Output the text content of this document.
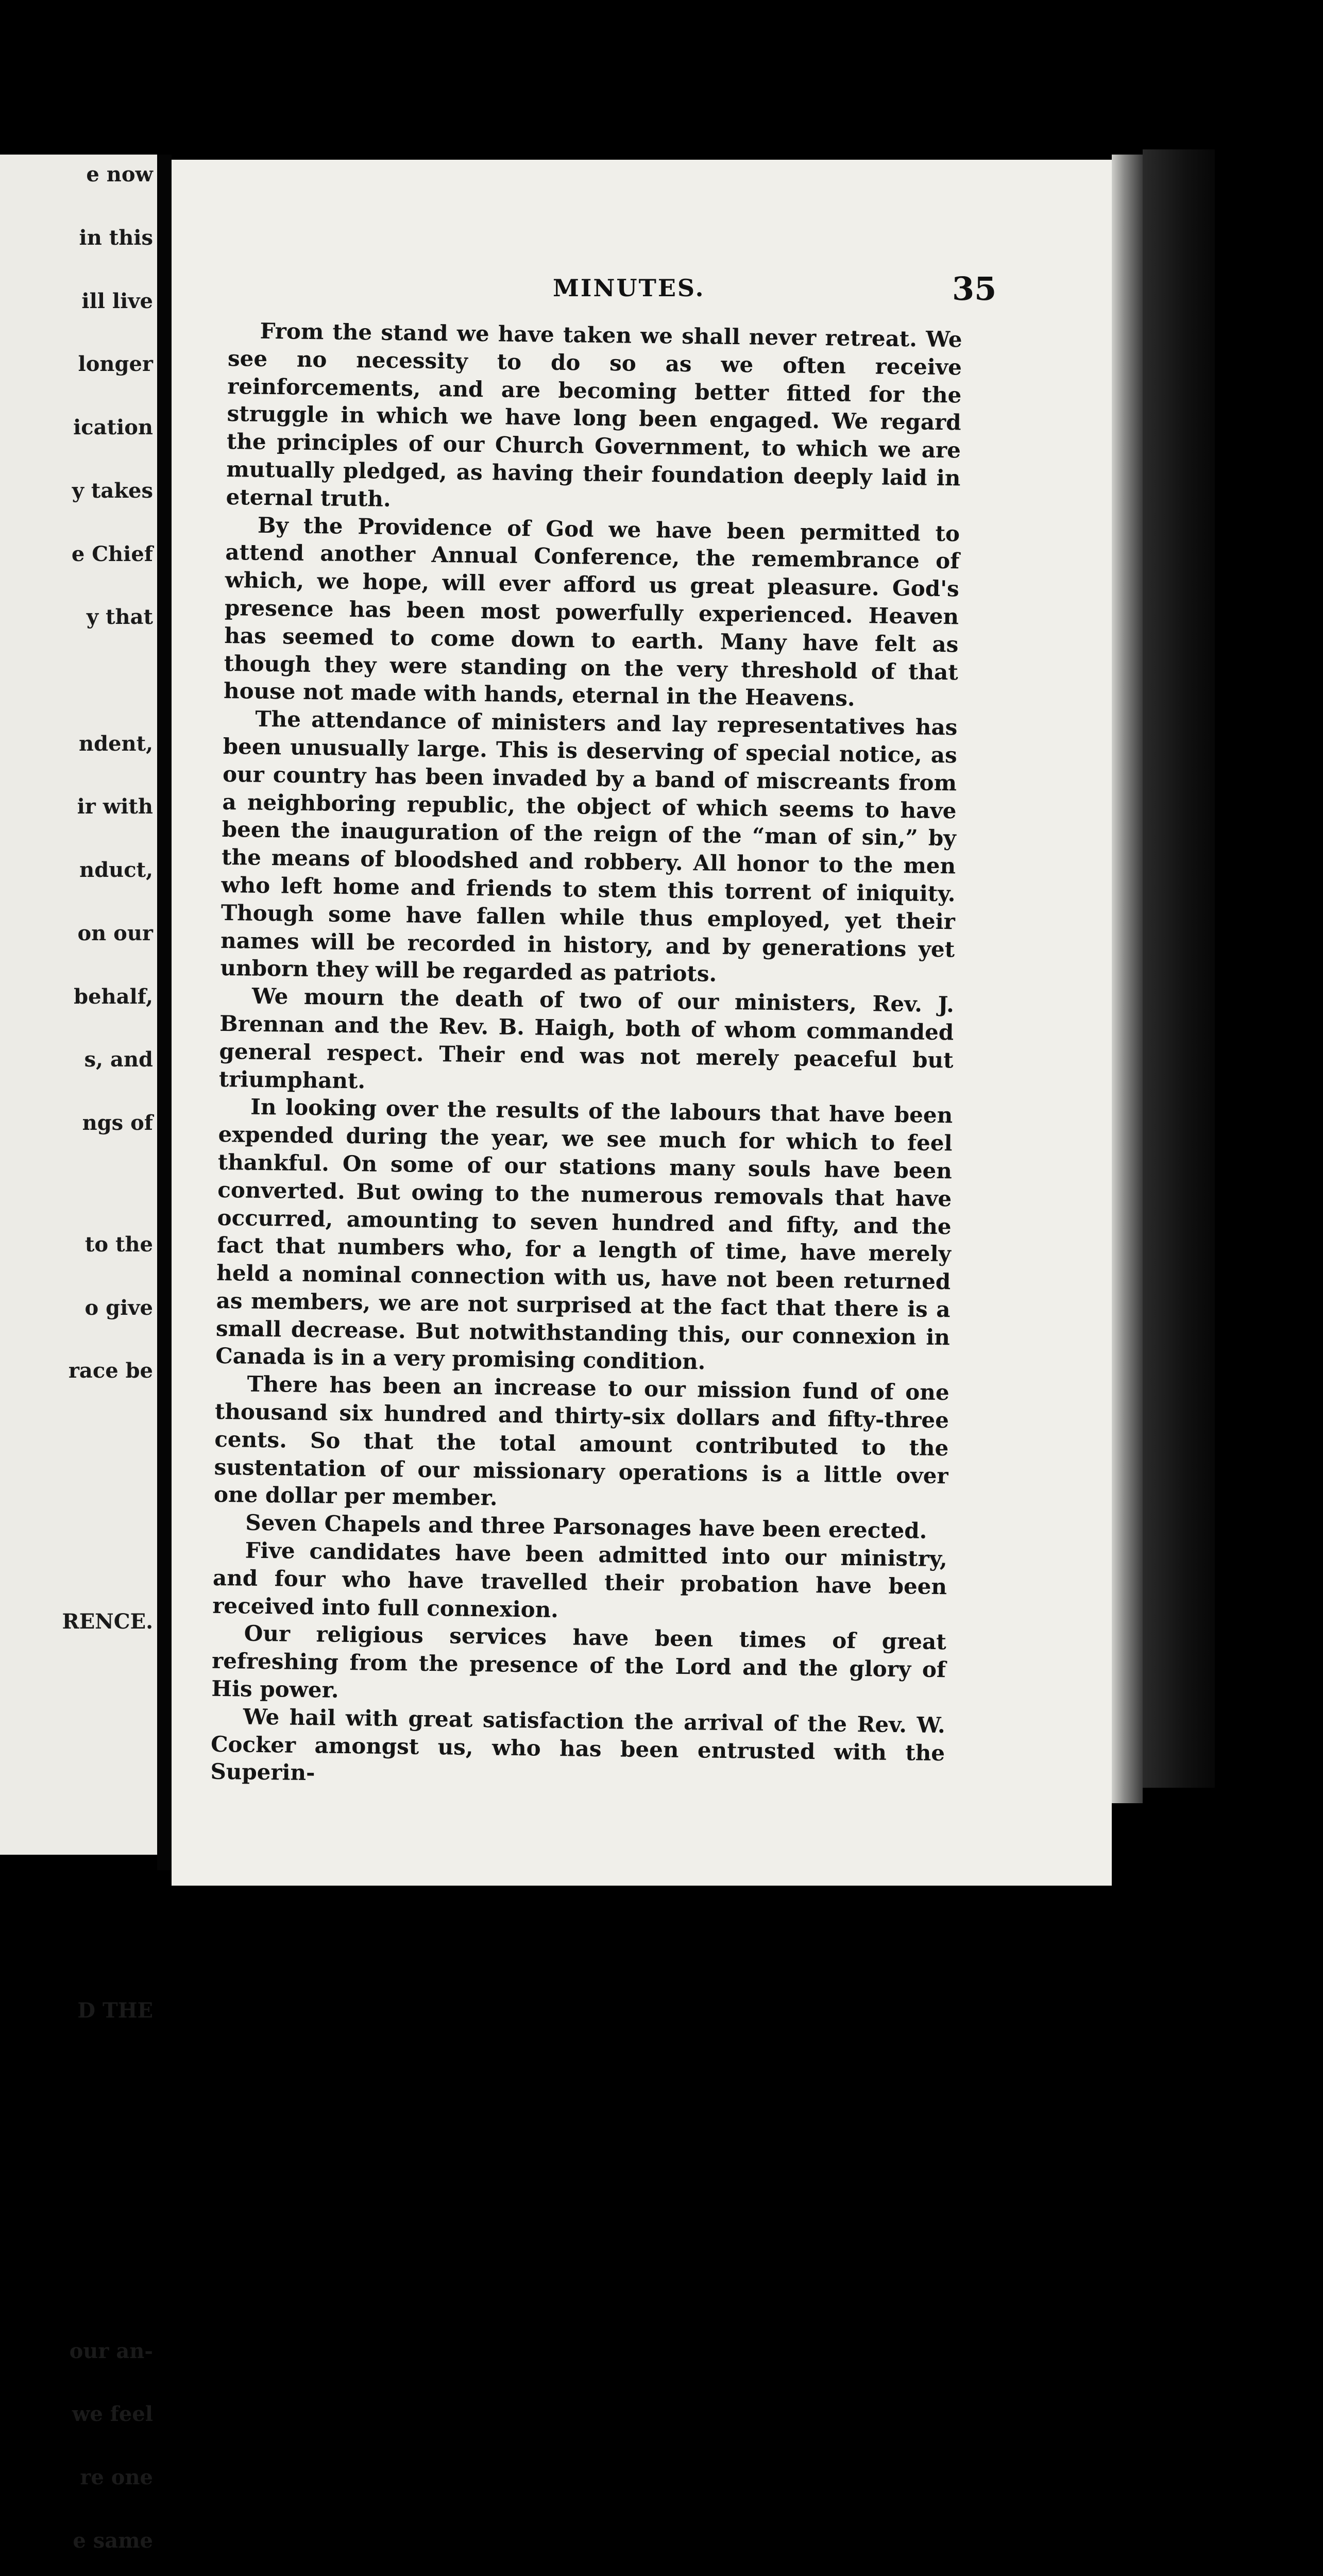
e now
in this
ill live
longer
ication
y takes
e Chief
y that
ndent,
ir with
nduct,
on our
behalf,
s, and
ngs of
to the
o give
race be
RENCE.
D THE
our an-
we feel
re one
e same
MINUTES.	35

From the stand we have taken we shall never retreat. We see no necessity to do so as we often receive reinforcements, and are becoming better fitted for the struggle in which we have long been engaged. We regard the principles of our Church Government, to which we are mutually pledged, as having their foundation deeply laid in eternal truth.

By the Providence of God we have been permitted to attend another Annual Conference, the remembrance of which, we hope, will ever afford us great pleasure. God's presence has been most powerfully experienced. Heaven has seemed to come down to earth. Many have felt as though they were standing on the very threshold of that house not made with hands, eternal in the Heavens.

The attendance of ministers and lay representatives has been unusually large. This is deserving of special notice, as our country has been invaded by a band of miscreants from a neighboring republic, the object of which seems to have been the inauguration of the reign of the “man of sin,” by the means of bloodshed and robbery. All honor to the men who left home and friends to stem this torrent of iniquity. Though some have fallen while thus employed, yet their names will be recorded in history, and by generations yet unborn they will be regarded as patriots.

We mourn the death of two of our ministers, Rev. J. Brennan and the Rev. B. Haigh, both of whom commanded general respect. Their end was not merely peaceful but triumphant.

In looking over the results of the labours that have been expended during the year, we see much for which to feel thankful. On some of our stations many souls have been converted. But owing to the numerous removals that have occurred, amounting to seven hundred and fifty, and the fact that numbers who, for a length of time, have merely held a nominal connection with us, have not been returned as members, we are not surprised at the fact that there is a small decrease. But notwithstanding this, our connexion in Canada is in a very promising condition.

There has been an increase to our mission fund of one thousand six hundred and thirty-six dollars and fifty-three cents. So that the total amount contributed to the sustentation of our missionary operations is a little over one dollar per member.

Seven Chapels and three Parsonages have been erected.

Five candidates have been admitted into our ministry, and four who have travelled their probation have been received into full connexion.

Our religious services have been times of great refreshing from the presence of the Lord and the glory of His power.

We hail with great satisfaction the arrival of the Rev. W. Cocker amongst us, who has been entrusted with the Superin-
